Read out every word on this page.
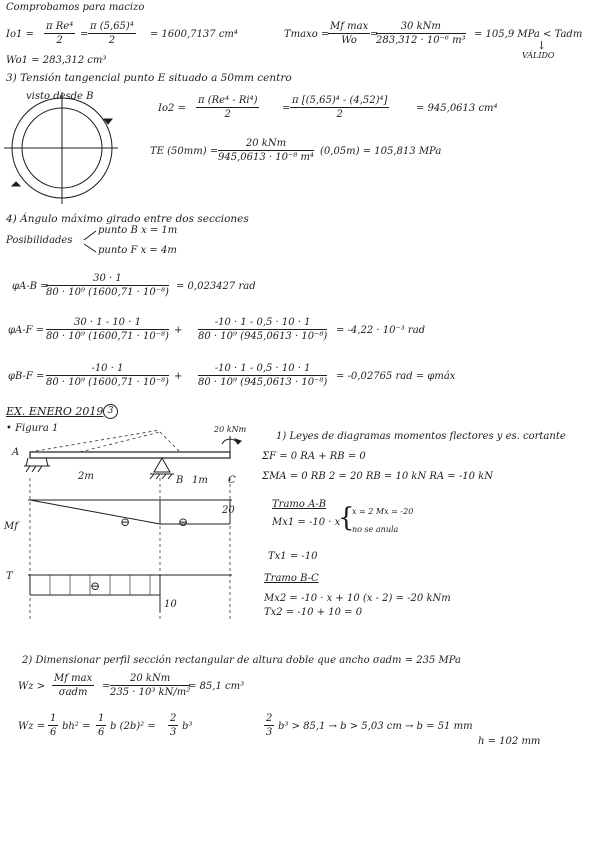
Comprobamos para macizo
$Io1 = \frac{\text{π Re⁴}}{2} = \frac{\text{π (5,65)⁴}}{2} = 1600,7137$ cm⁴	Tmaxo =
Mf max
Wo
=
30 kNm
283,312 · 10⁻⁶ m³
= 105,9 MPa < Tadm
↓
VÁLIDO
Wo1 = 283,312 cm³
3) Tensión tangencial punto E situado a 50mm centro
visto desde B
$Io2 = \frac{\text{π (Re⁴ - Ri⁴)}}{2} = \frac{\text{π [(5,65)⁴ - (4,52)⁴]}}{2}$	= 945,0613 cm⁴
TE (50mm) =
20 kNm
945,0613 · 10⁻⁸ m⁴
(0,05m) = 105,813 MPa
4) Ángulo máximo girado entre dos secciones
Posibilidades
punto B x = 1m
punto F x = 4m
φA-B =
$\frac{30 \cdot 1}{\text{80 · 10⁹ (1600,71 · 10⁻⁸)}} = 0,023427$ rad
$\varphi A-F = \frac{30 \cdot 1 - 10 \cdot 1}{\text{80 · 10⁹ (1600,71 · 10⁻⁸)}} + \frac{-10 \cdot 1 - 0,5 \cdot 10 \cdot 1}{\text{80 · 10⁹ (945,0613 · 10⁻⁸)}} = -4,22 \cdot 10^{-3}$ rad
$\varphi B-F = \frac{-10 \cdot 1}{\text{80 · 10⁹ (1600,71 · 10⁻⁸)}} + \frac{-10 \cdot 1 - 0,5 \cdot 10 \cdot 1}{\text{80 · 10⁹ (945,0613 · 10⁻⁸)}} = -0,02765$ rad = φmáx
EX. ENERO 2019 3
• Figura 1	20 kNm
A
B	C
2m	1m
Mf
T
⊖	⊖
⊖
20
10
1) Leyes de diagramas momentos flectores y es. cortante
ΣF = 0 RA + RB = 0
ΣMA = 0 RB 2 = 20 RB = 10 kN RA = -10 kN
Tramo A-B
Mx1 = -10 · x
{
x = 2 Mx = -20
no se anula
Tx1 = -10
Tramo B-C
Mx2 = -10 · x + 10 (x - 2) = -20 kNm
Tx2 = -10 + 10 = 0
2) Dimensionar perfil sección rectangular de altura doble que ancho σadm = 235 MPa
Wz >
Mf max
σadm
=
20 kNm
235 · 10³ kN/m²
= 85,1 cm³
$Wz = \frac{1}{6} bh^2 = \frac{1}{6}$ b $(2b)^2 = \frac{2}{3} b^3$	$\frac{2}{3} b^3 > 85,1 \to b > 5,03$ cm → b = 51 mm
h = 102 mm
